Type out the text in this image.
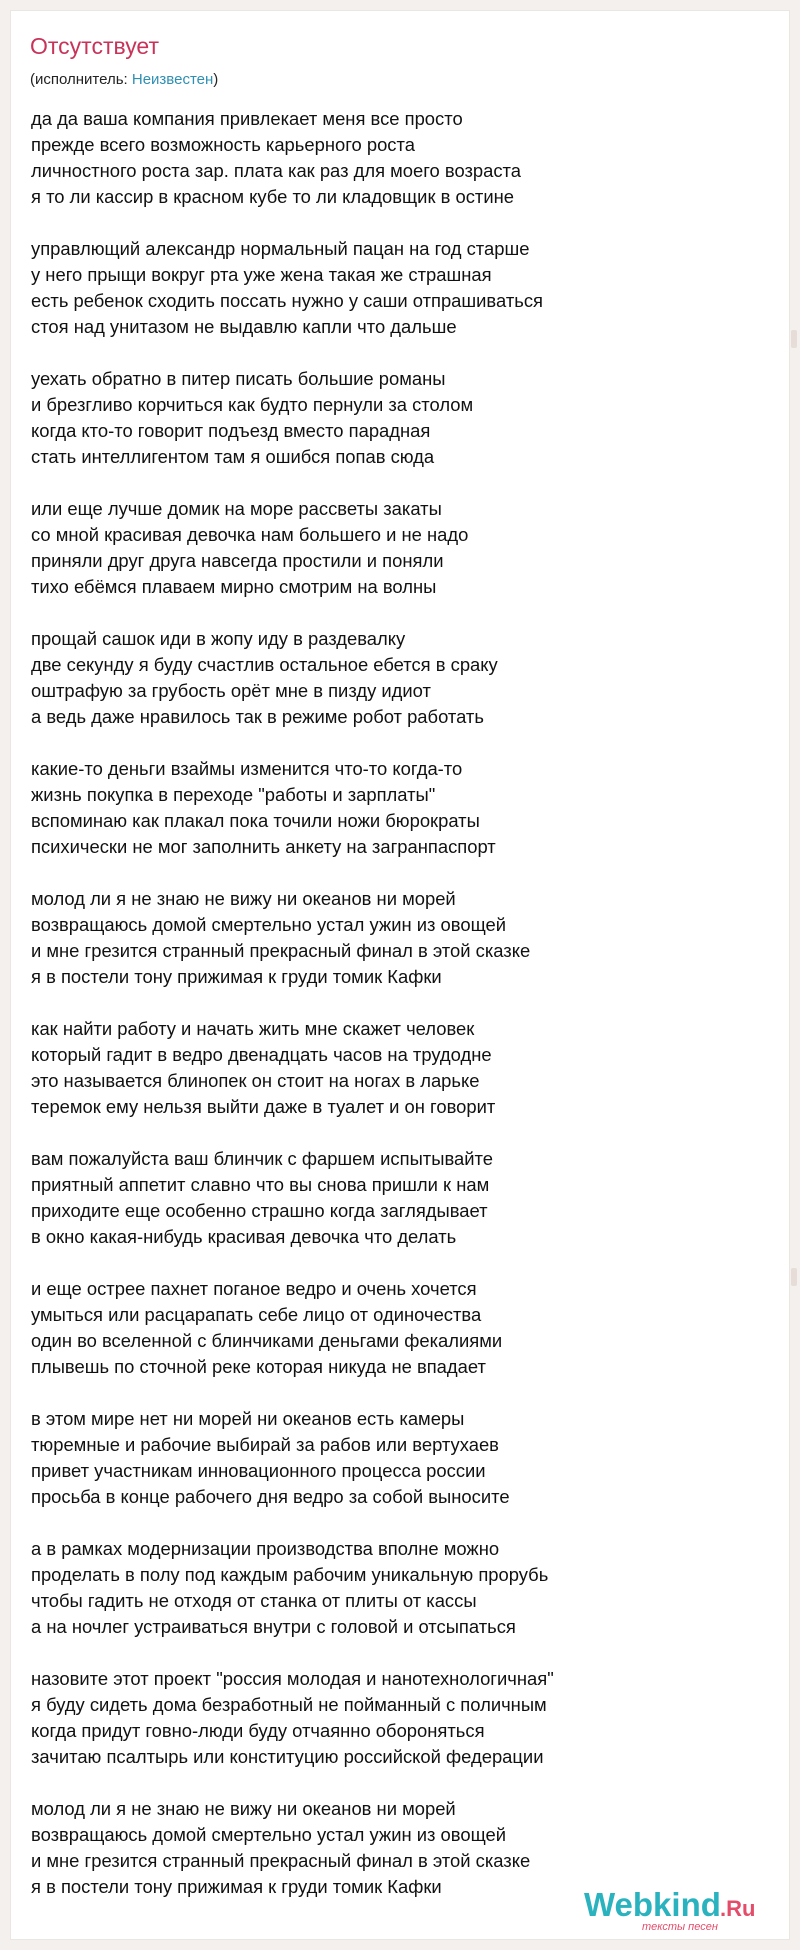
Отсутствует
(исполнитель: Неизвестен)
да да ваша компания привлекает меня все просто
прежде всего возможность карьерного роста
личностного роста зар. плата как раз для моего возраста
я то ли кассир в красном кубе то ли кладовщик в остине
управлющий александр нормальный пацан на год старше
у него прыщи вокруг рта уже жена такая же страшная
есть ребенок сходить поссать нужно у саши отпрашиваться
стоя над унитазом не выдавлю капли что дальше
уехать обратно в питер писать большие романы
и брезгливо корчиться как будто пернули за столом
когда кто-то говорит подъезд вместо парадная
стать интеллигентом там я ошибся попав сюда
или еще лучше домик на море рассветы закаты
со мной красивая девочка нам большего и не надо
приняли друг друга навсегда простили и поняли
тихо ебёмся плаваем мирно смотрим на волны
прощай сашок иди в жопу иду в раздевалку
две секунду я буду счастлив остальное ебется в сраку
оштрафую за грубость орёт мне в пизду идиот
а ведь даже нравилось так в режиме робот работать
какие-то деньги взаймы изменится что-то когда-то
жизнь покупка в переходе "работы и зарплаты"
вспоминаю как плакал пока точили ножи бюрократы
психически не мог заполнить анкету на загранпаспорт
молод ли я не знаю не вижу ни океанов ни морей
возвращаюсь домой смертельно устал ужин из овощей
и мне грезится странный прекрасный финал в этой сказке
я в постели тону прижимая к груди томик Кафки
как найти работу и начать жить мне скажет человек
который гадит в ведро двенадцать часов на трудодне
это называется блинопек он стоит на ногах в ларьке
теремок ему нельзя выйти даже в туалет и он говорит
вам пожалуйста ваш блинчик с фаршем испытывайте
приятный аппетит славно что вы снова пришли к нам
приходите еще особенно страшно когда заглядывает
в окно какая-нибудь красивая девочка что делать
и еще острее пахнет поганое ведро и очень хочется
умыться или расцарапать себе лицо от одиночества
один во вселенной с блинчиками деньгами фекалиями
плывешь по сточной реке которая никуда не впадает
в этом мире нет ни морей ни океанов есть камеры
тюремные и рабочие выбирай за рабов или вертухаев
привет участникам инновационного процесса россии
просьба в конце рабочего дня ведро за собой выносите
а в рамках модернизации производства вполне можно
проделать в полу под каждым рабочим уникальную прорубь
чтобы гадить не отходя от станка от плиты от кассы
а на ночлег устраиваться внутри с головой и отсыпаться
назовите этот проект "россия молодая и нанотехнологичная"
я буду сидеть дома безработный не пойманный с поличным
когда придут говно-люди буду отчаянно обороняться
зачитаю псалтырь или конституцию российской федерации
молод ли я не знаю не вижу ни океанов ни морей
возвращаюсь домой смертельно устал ужин из овощей
и мне грезится странный прекрасный финал в этой сказке
я в постели тону прижимая к груди томик Кафки	Webkind .Ru
тексты песен
